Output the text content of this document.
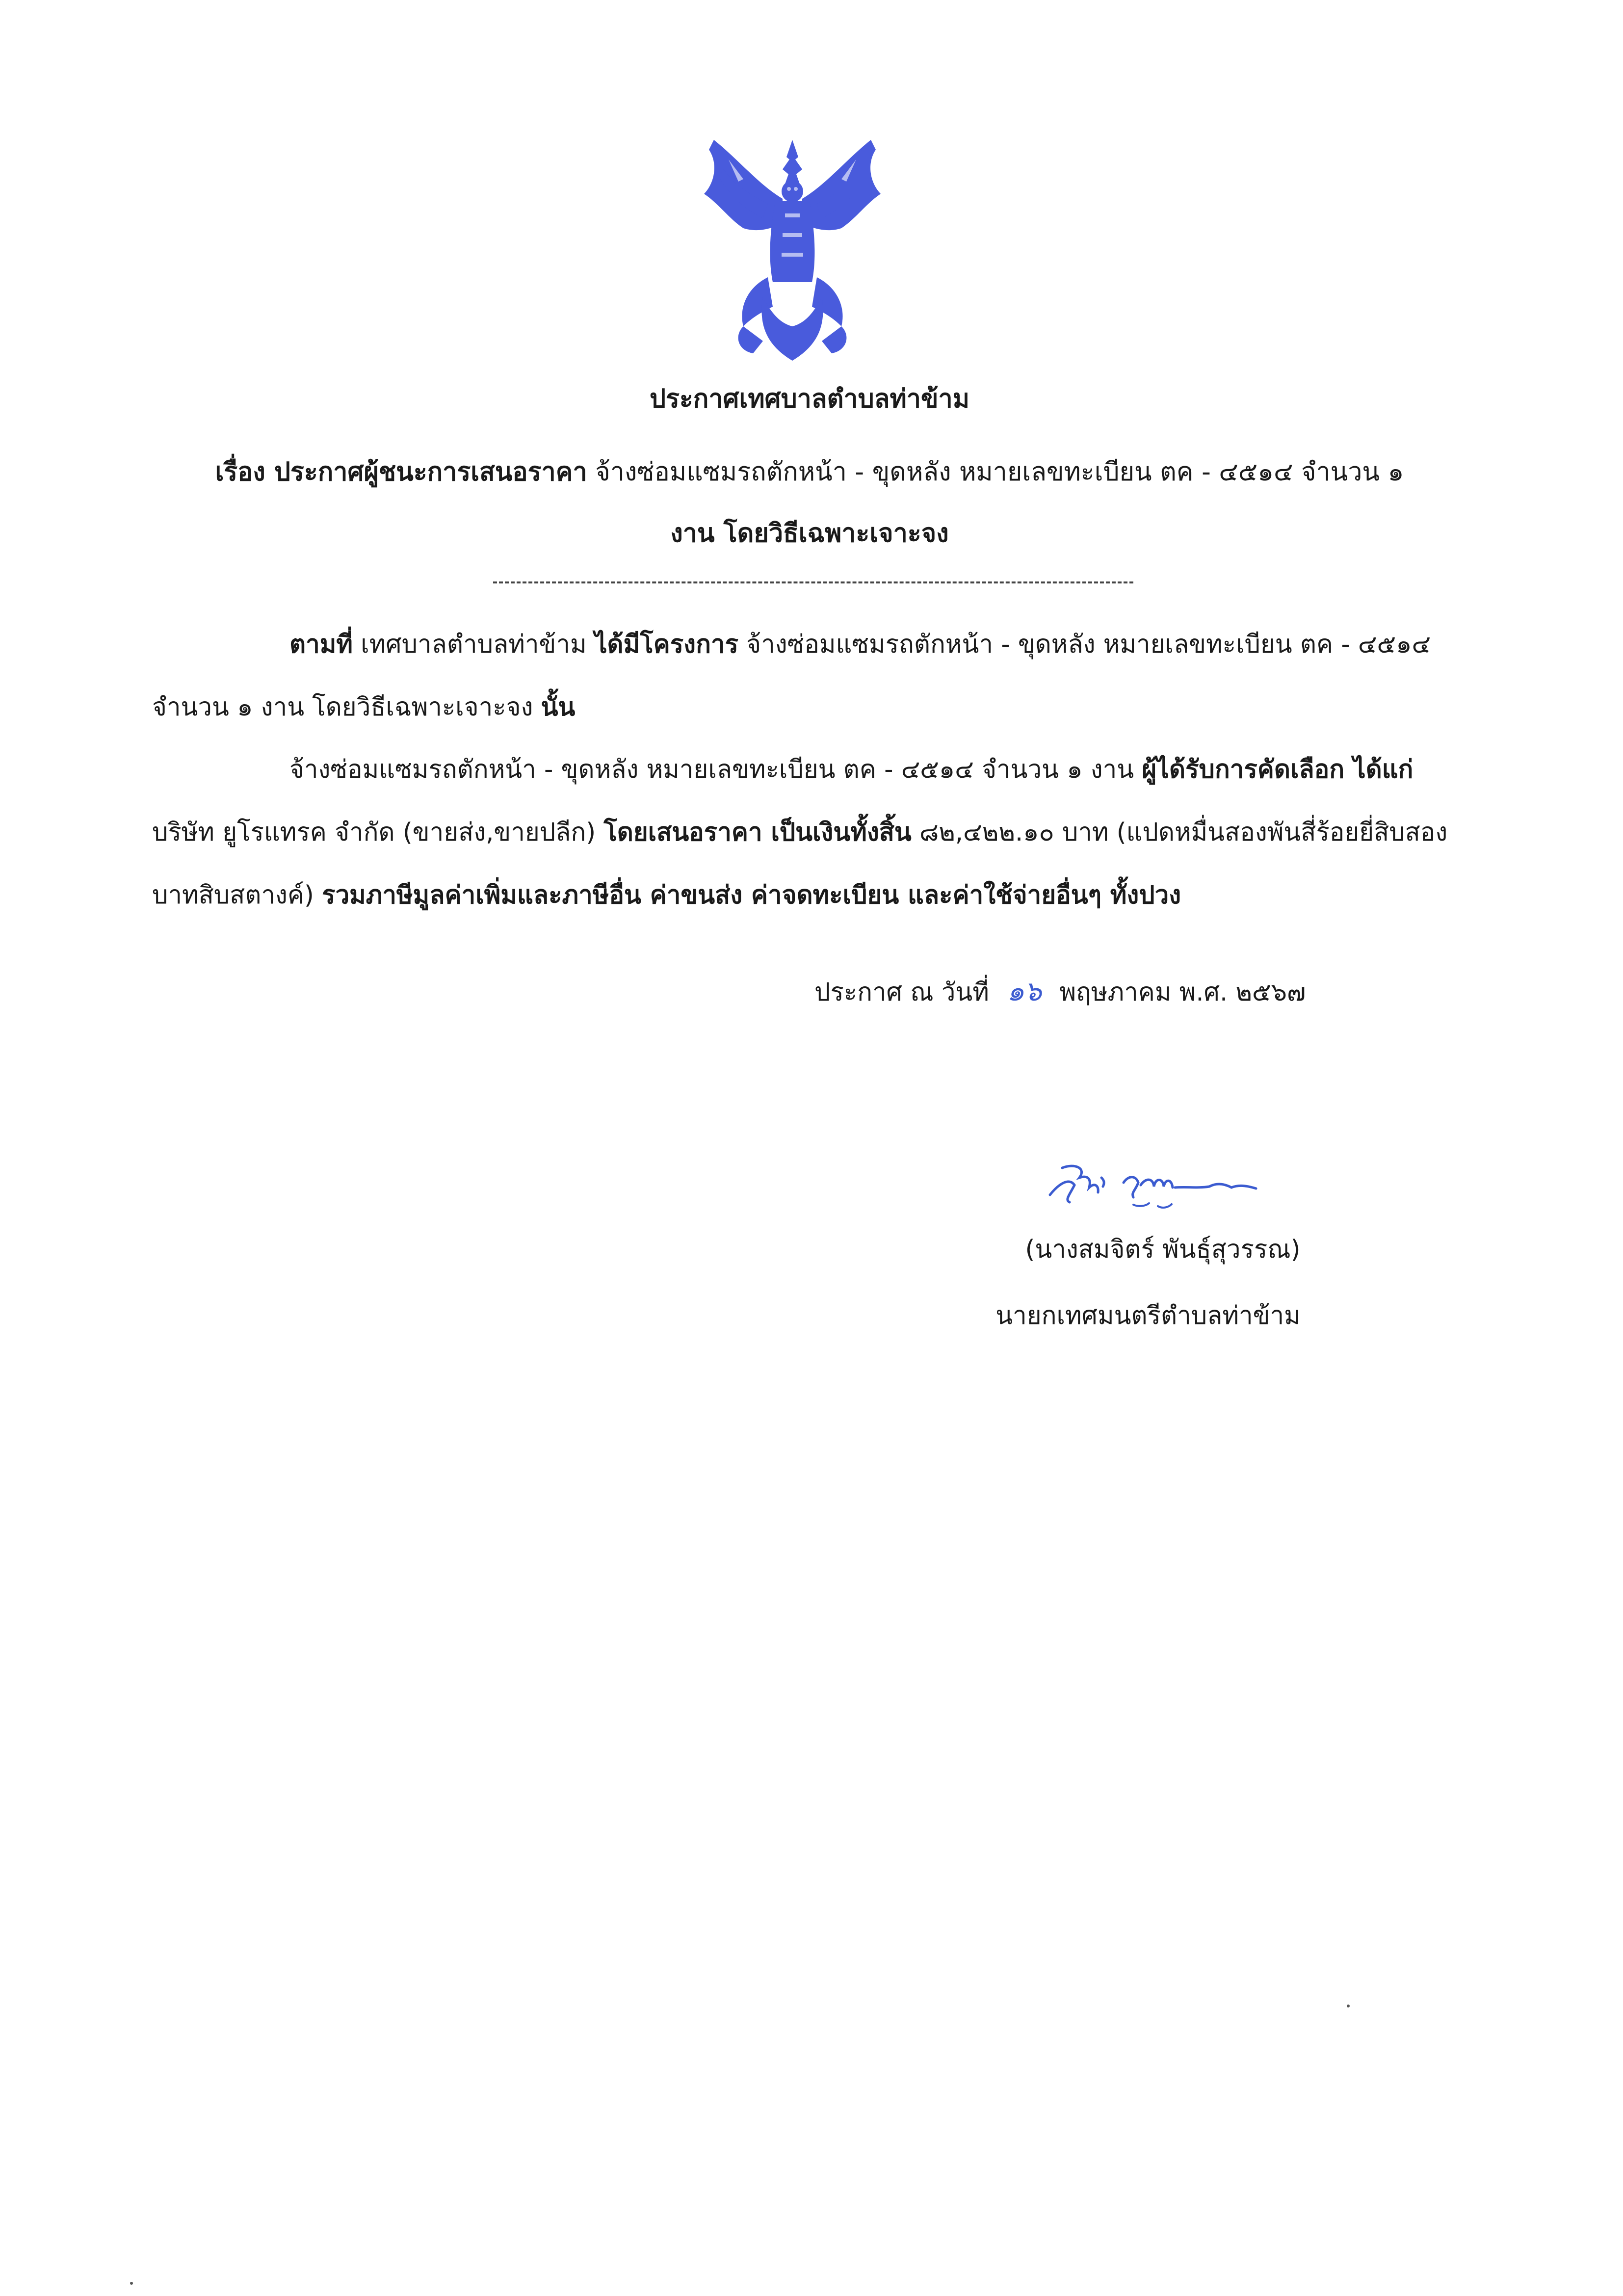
ประกาศเทศบาลตำบลท่าข้าม
เรื่อง ประกาศผู้ชนะการเสนอราคา จ้างซ่อมแซมรถตักหน้า - ขุดหลัง หมายเลขทะเบียน ตค - ๔๕๑๔ จำนวน ๑
งาน โดยวิธีเฉพาะเจาะจง
ตามที่ เทศบาลตำบลท่าข้าม ได้มีโครงการ จ้างซ่อมแซมรถตักหน้า - ขุดหลัง หมายเลขทะเบียน ตค - ๔๕๑๔ จำนวน ๑ งาน โดยวิธีเฉพาะเจาะจง นั้น
จ้างซ่อมแซมรถตักหน้า - ขุดหลัง หมายเลขทะเบียน ตค - ๔๕๑๔ จำนวน ๑ งาน ผู้ได้รับการคัดเลือก ได้แก่ บริษัท ยูโรแทรค จำกัด (ขายส่ง,ขายปลีก) โดยเสนอราคา เป็นเงินทั้งสิ้น ๘๒,๔๒๒.๑๐ บาท (แปดหมื่นสองพันสี่ร้อยยี่สิบสองบาทสิบสตางค์) รวมภาษีมูลค่าเพิ่มและภาษีอื่น ค่าขนส่ง ค่าจดทะเบียน และค่าใช้จ่ายอื่นๆ ทั้งปวง
ประกาศ ณ วันที่ ๑๖ พฤษภาคม พ.ศ. ๒๕๖๗
(นางสมจิตร์ พันธุ์สุวรรณ)
นายกเทศมนตรีตำบลท่าข้าม
